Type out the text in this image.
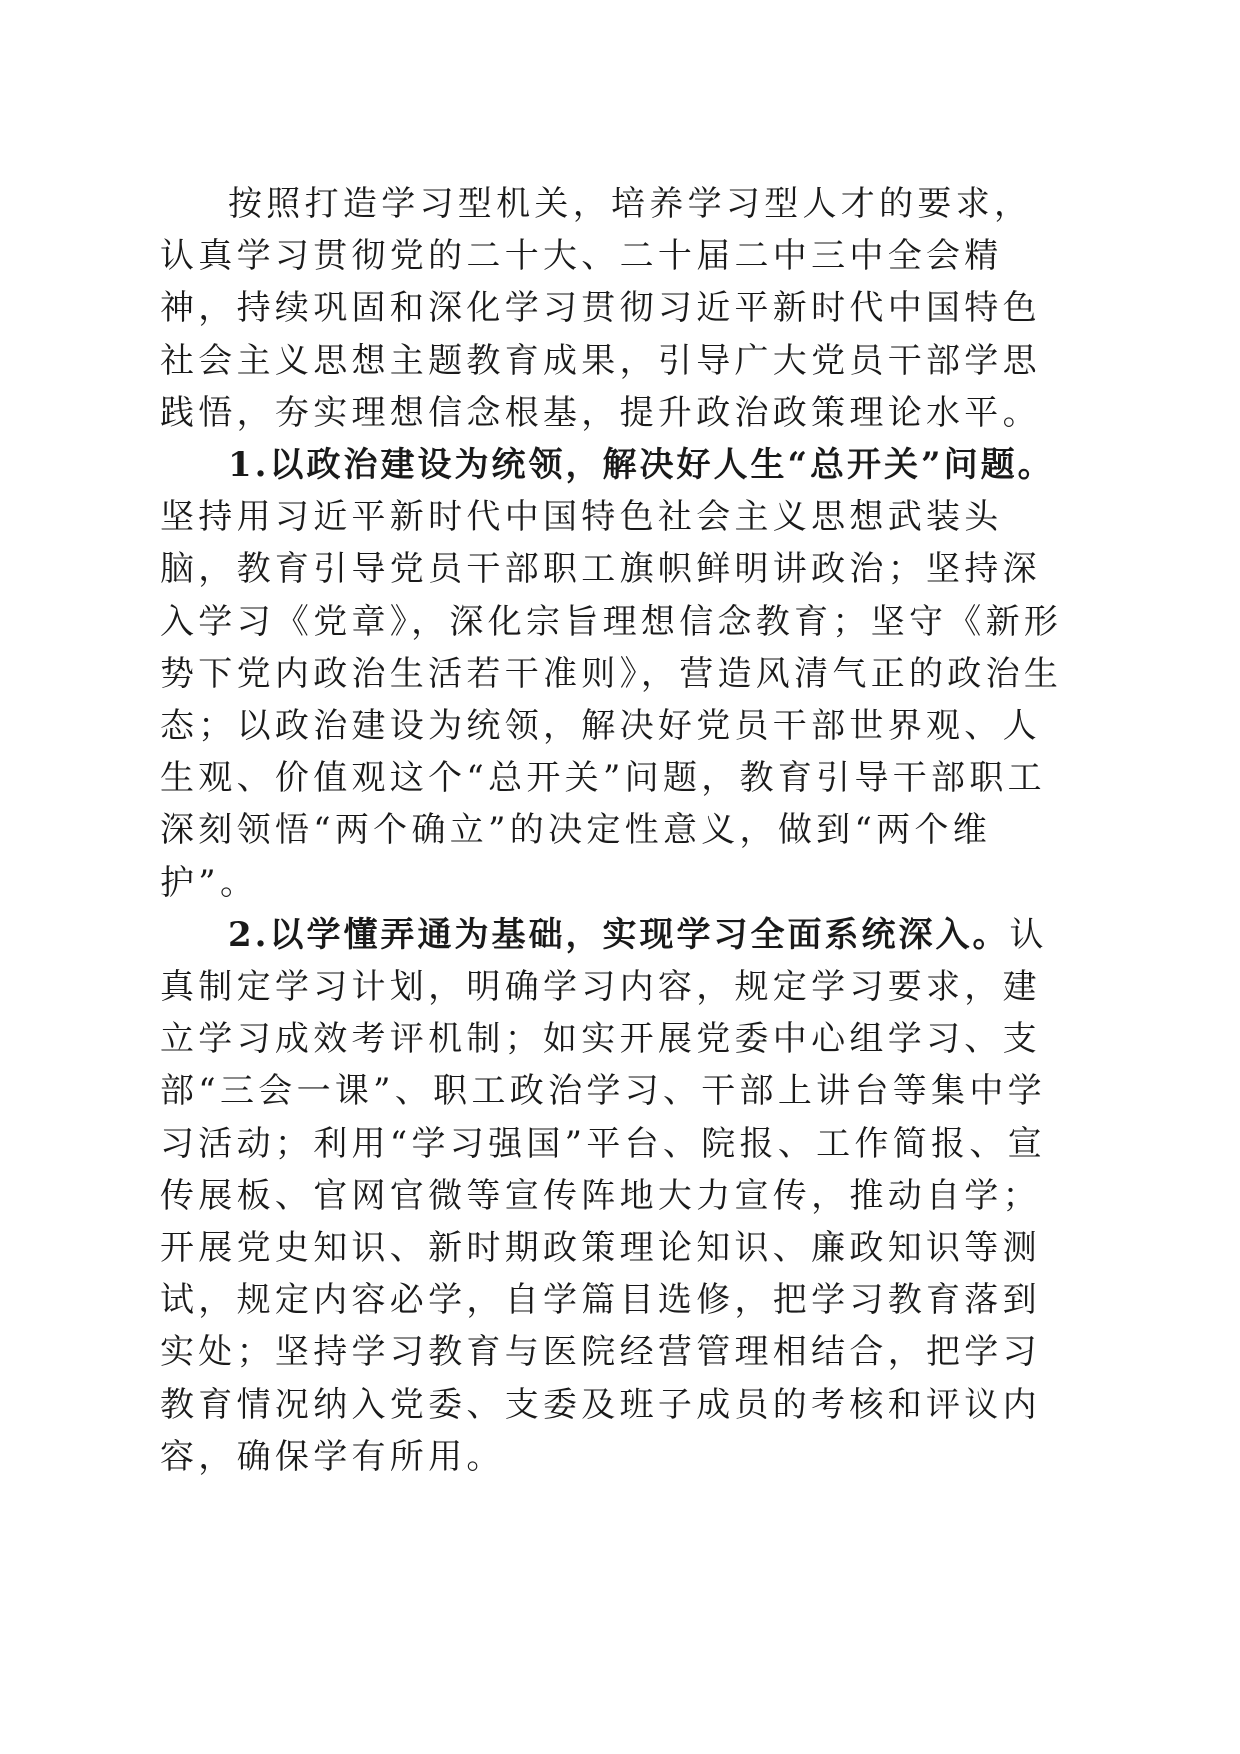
按照打造学习型机关，培养学习型人才的要求，认真学习贯彻党的二十大、二十届二中三中全会精神，持续巩固和深化学习贯彻习近平新时代中国特色社会主义思想主题教育成果，引导广大党员干部学思践悟，夯实理想信念根基，提升政治政策理论水平。

1.以政治建设为统领，解决好人生“总开关”问题。坚持用习近平新时代中国特色社会主义思想武装头脑，教育引导党员干部职工旗帜鲜明讲政治；坚持深入学习《党章》，深化宗旨理想信念教育；坚守《新形势下党内政治生活若干准则》，营造风清气正的政治生态；以政治建设为统领，解决好党员干部世界观、人生观、价值观这个“总开关”问题，教育引导干部职工深刻领悟“两个确立”的决定性意义，做到“两个维护”。

2.以学懂弄通为基础，实现学习全面系统深入。认真制定学习计划，明确学习内容，规定学习要求，建立学习成效考评机制；如实开展党委中心组学习、支部“三会一课”、职工政治学习、干部上讲台等集中学习活动；利用“学习强国”平台、院报、工作简报、宣传展板、官网官微等宣传阵地大力宣传，推动自学；开展党史知识、新时期政策理论知识、廉政知识等测试，规定内容必学，自学篇目选修，把学习教育落到实处；坚持学习教育与医院经营管理相结合，把学习教育情况纳入党委、支委及班子成员的考核和评议内容，确保学有所用。
